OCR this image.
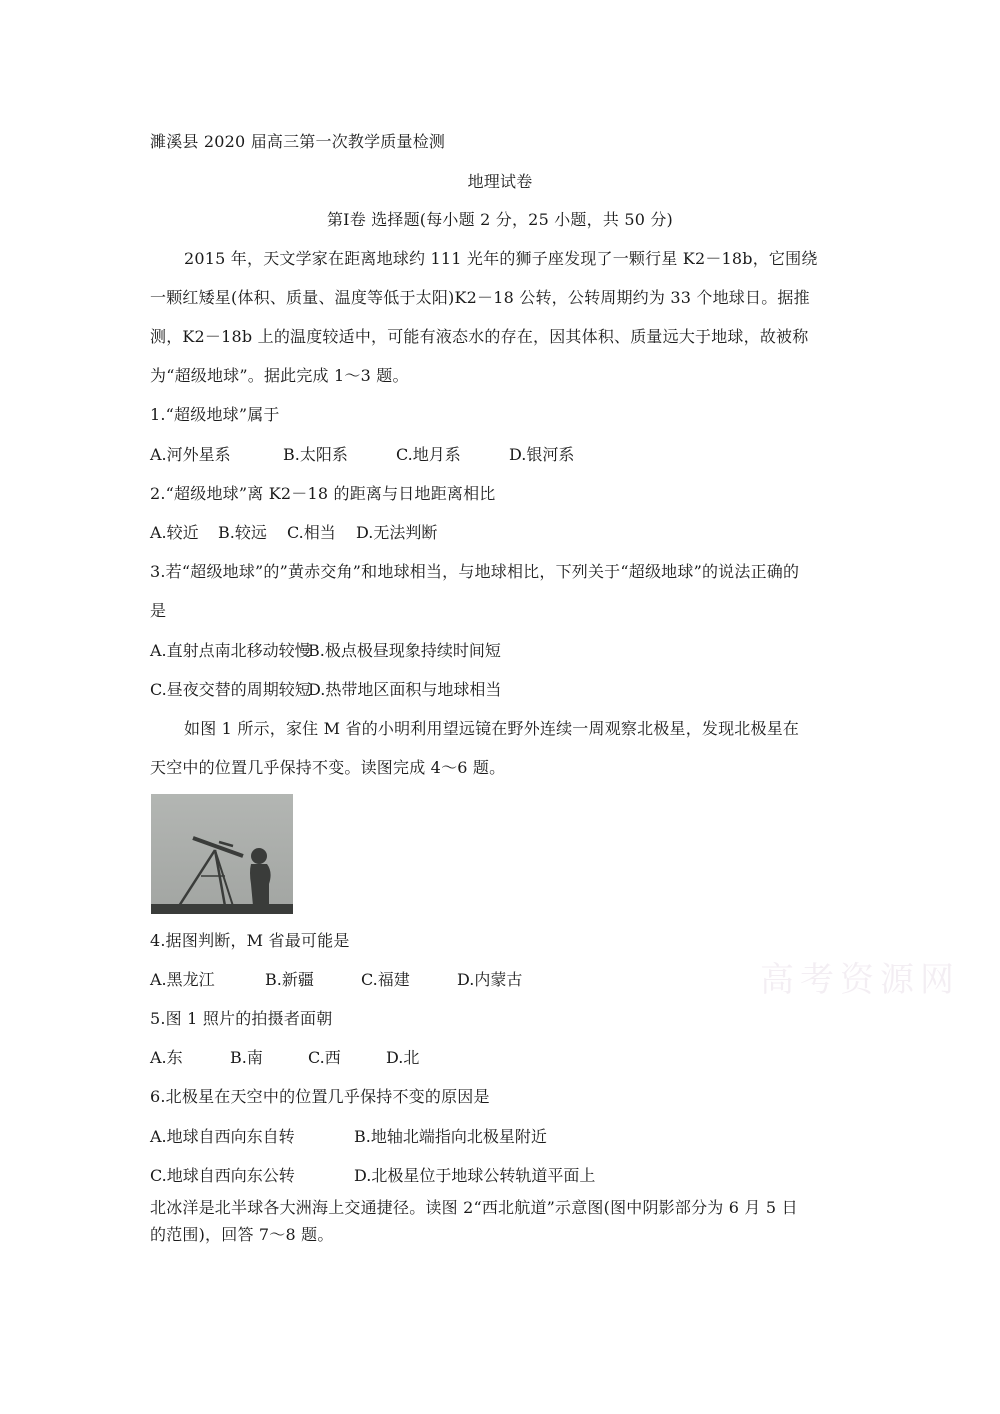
濉溪县 2020 届高三第一次教学质量检测
地理试卷
第Ⅰ卷 选择题(每小题 2 分，25 小题，共 50 分)
2015 年，天文学家在距离地球约 111 光年的狮子座发现了一颗行星 K2－18b，它围绕
一颗红矮星(体积、质量、温度等低于太阳)K2－18 公转，公转周期约为 33 个地球日。据推
测，K2－18b 上的温度较适中，可能有液态水的存在，因其体积、质量远大于地球，故被称
为“超级地球”。据此完成 1～3 题。
1.“超级地球”属于
A.河外星系	B.太阳系	C.地月系	D.银河系
2.“超级地球”离 K2－18 的距离与日地距离相比
A.较近 B.较远 C.相当 D.无法判断
3.若“超级地球”的”黄赤交角”和地球相当，与地球相比，下列关于“超级地球”的说法正确的
是
A.直射点南北移动较慢
B.极点极昼现象持续时间短
C.昼夜交替的周期较短
D.热带地区面积与地球相当
如图 1 所示，家住 M 省的小明利用望远镜在野外连续一周观察北极星，发现北极星在
天空中的位置几乎保持不变。读图完成 4～6 题。
4.据图判断，M 省最可能是
A.黑龙江	B.新疆	C.福建	D.内蒙古	高考资源网
5.图 1 照片的拍摄者面朝
A.东	B.南	C.西	D.北
6.北极星在天空中的位置几乎保持不变的原因是
A.地球自西向东自转	B.地轴北端指向北极星附近
C.地球自西向东公转	D.北极星位于地球公转轨道平面上
北冰洋是北半球各大洲海上交通捷径。读图 2“西北航道”示意图(图中阴影部分为 6 月 5 日
的范围)，回答 7～8 题。
